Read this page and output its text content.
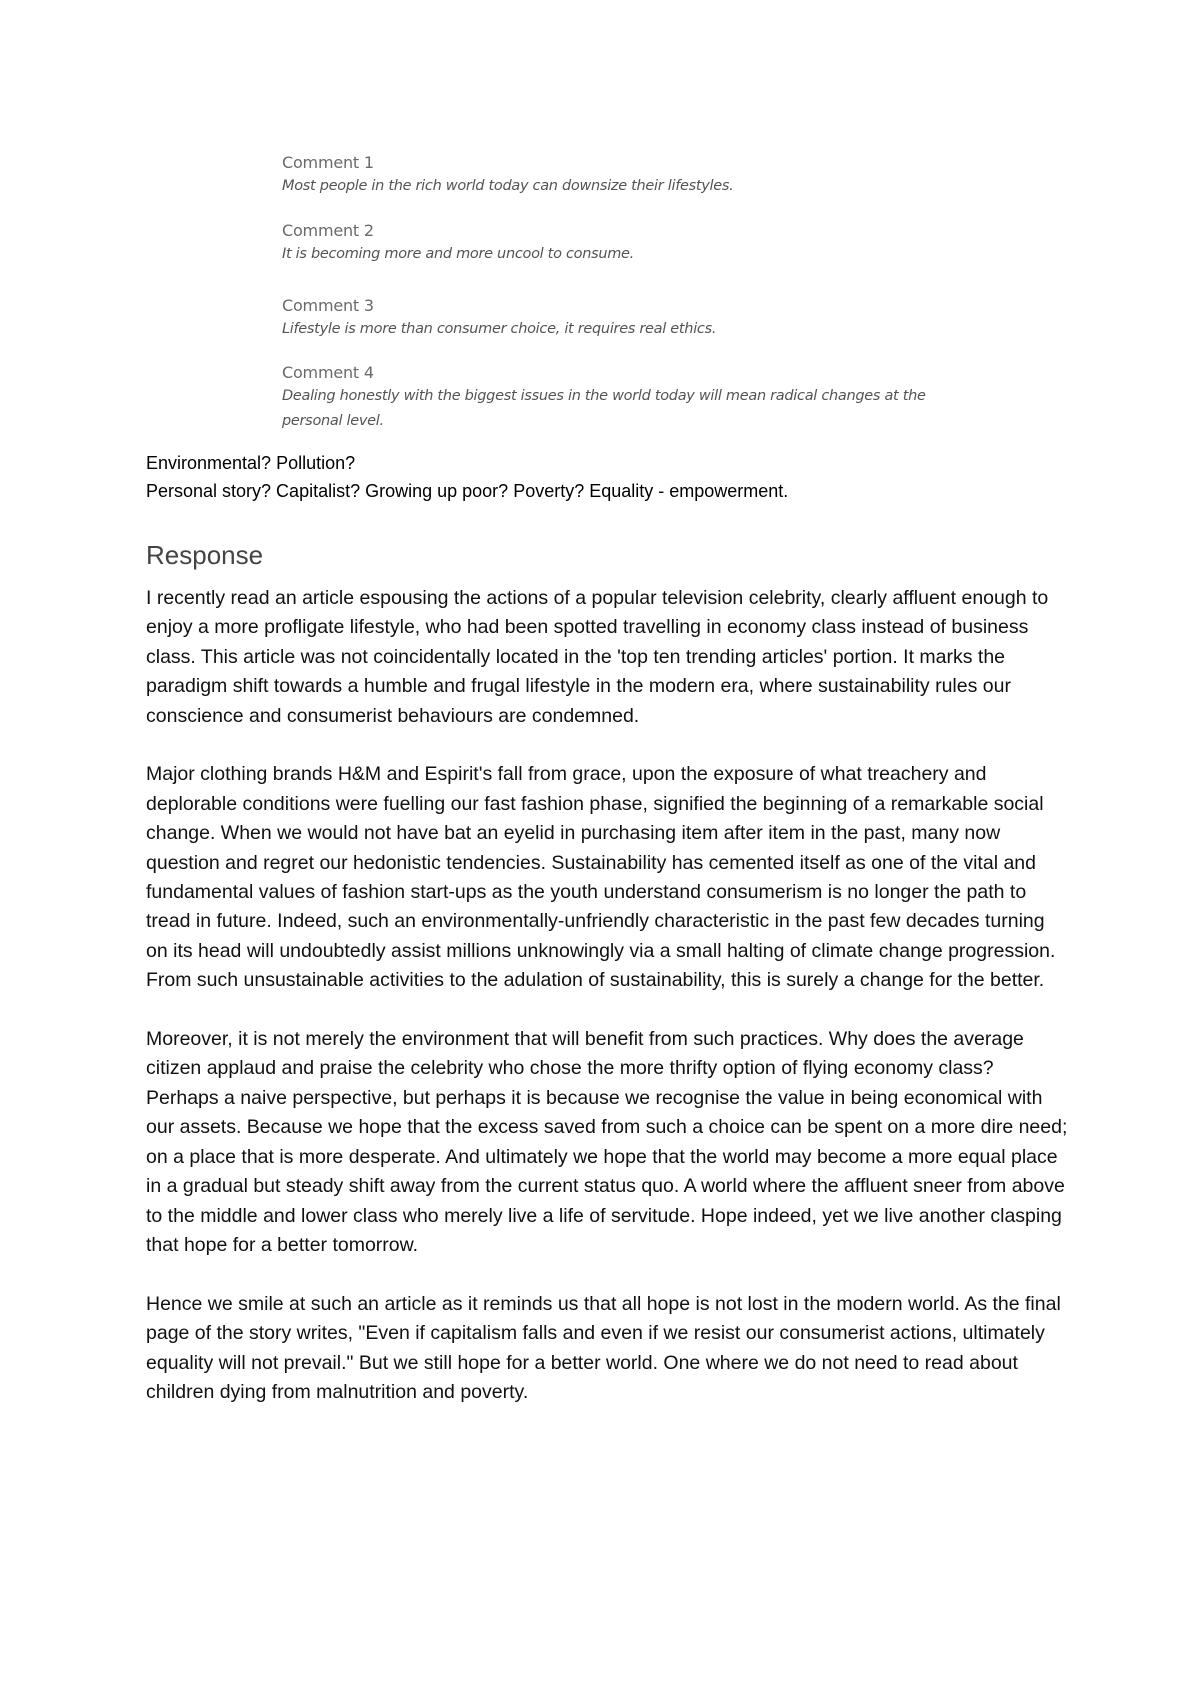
Comment 1
Most people in the rich world today can downsize their lifestyles.
Comment 2
It is becoming more and more uncool to consume.
Comment 3
Lifestyle is more than consumer choice, it requires real ethics.
Comment 4
Dealing honestly with the biggest issues in the world today will mean radical changes at the personal level.
Environmental? Pollution?
Personal story? Capitalist? Growing up poor? Poverty? Equality - empowerment.
Response

I recently read an article espousing the actions of a popular television celebrity, clearly affluent enough to enjoy a more profligate lifestyle, who had been spotted travelling in economy class instead of business class. This article was not coincidentally located in the 'top ten trending articles' portion. It marks the paradigm shift towards a humble and frugal lifestyle in the modern era, where sustainability rules our conscience and consumerist behaviours are condemned.

Major clothing brands H&M and Espirit's fall from grace, upon the exposure of what treachery and deplorable conditions were fuelling our fast fashion phase, signified the beginning of a remarkable social change. When we would not have bat an eyelid in purchasing item after item in the past, many now question and regret our hedonistic tendencies. Sustainability has cemented itself as one of the vital and fundamental values of fashion start-ups as the youth understand consumerism is no longer the path to tread in future. Indeed, such an environmentally-unfriendly characteristic in the past few decades turning on its head will undoubtedly assist millions unknowingly via a small halting of climate change progression. From such unsustainable activities to the adulation of sustainability, this is surely a change for the better.

Moreover, it is not merely the environment that will benefit from such practices. Why does the average citizen applaud and praise the celebrity who chose the more thrifty option of flying economy class? Perhaps a naive perspective, but perhaps it is because we recognise the value in being economical with our assets. Because we hope that the excess saved from such a choice can be spent on a more dire need; on a place that is more desperate. And ultimately we hope that the world may become a more equal place in a gradual but steady shift away from the current status quo. A world where the affluent sneer from above to the middle and lower class who merely live a life of servitude. Hope indeed, yet we live another clasping that hope for a better tomorrow.

Hence we smile at such an article as it reminds us that all hope is not lost in the modern world. As the final page of the story writes, "Even if capitalism falls and even if we resist our consumerist actions, ultimately equality will not prevail." But we still hope for a better world. One where we do not need to read about children dying from malnutrition and poverty.
